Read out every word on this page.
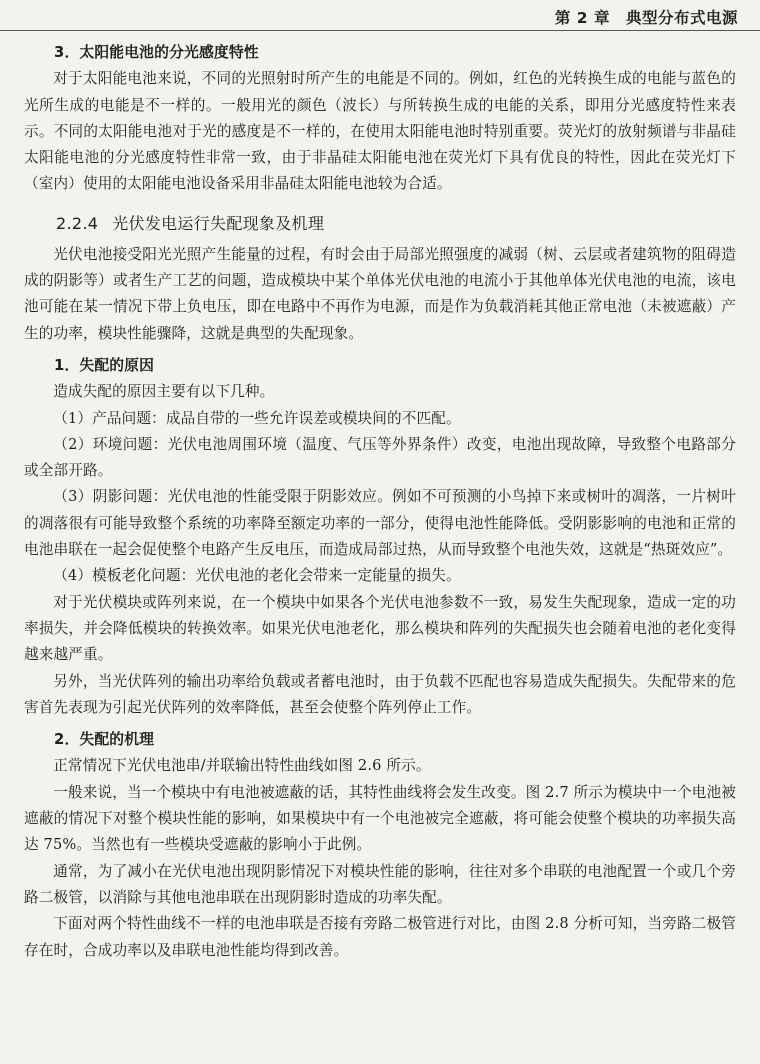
第 2 章　典型分布式电源
3．太阳能电池的分光感度特性

对于太阳能电池来说，不同的光照射时所产生的电能是不同的。例如，红色的光转换生成的电能与蓝色的光所生成的电能是不一样的。一般用光的颜色（波长）与所转换生成的电能的关系，即用分光感度特性来表示。不同的太阳能电池对于光的感度是不一样的，在使用太阳能电池时特别重要。荧光灯的放射频谱与非晶硅太阳能电池的分光感度特性非常一致，由于非晶硅太阳能电池在荧光灯下具有优良的特性，因此在荧光灯下（室内）使用的太阳能电池设备采用非晶硅太阳能电池较为合适。

2.2.4 光伏发电运行失配现象及机理

光伏电池接受阳光光照产生能量的过程，有时会由于局部光照强度的减弱（树、云层或者建筑物的阻碍造成的阴影等）或者生产工艺的问题，造成模块中某个单体光伏电池的电流小于其他单体光伏电池的电流，该电池可能在某一情况下带上负电压，即在电路中不再作为电源，而是作为负载消耗其他正常电池（未被遮蔽）产生的功率，模块性能骤降，这就是典型的失配现象。

1．失配的原因

造成失配的原因主要有以下几种。

（1）产品问题：成品自带的一些允许误差或模块间的不匹配。

（2）环境问题：光伏电池周围环境（温度、气压等外界条件）改变，电池出现故障，导致整个电路部分或全部开路。

（3）阴影问题：光伏电池的性能受限于阴影效应。例如不可预测的小鸟掉下来或树叶的凋落，一片树叶的凋落很有可能导致整个系统的功率降至额定功率的一部分，使得电池性能降低。受阴影影响的电池和正常的电池串联在一起会促使整个电路产生反电压，而造成局部过热，从而导致整个电池失效，这就是“热斑效应”。

（4）模板老化问题：光伏电池的老化会带来一定能量的损失。

对于光伏模块或阵列来说，在一个模块中如果各个光伏电池参数不一致，易发生失配现象，造成一定的功率损失，并会降低模块的转换效率。如果光伏电池老化，那么模块和阵列的失配损失也会随着电池的老化变得越来越严重。

另外，当光伏阵列的输出功率给负载或者蓄电池时，由于负载不匹配也容易造成失配损失。失配带来的危害首先表现为引起光伏阵列的效率降低，甚至会使整个阵列停止工作。

2．失配的机理

正常情况下光伏电池串/并联输出特性曲线如图 2.6 所示。

一般来说，当一个模块中有电池被遮蔽的话，其特性曲线将会发生改变。图 2.7 所示为模块中一个电池被遮蔽的情况下对整个模块性能的影响，如果模块中有一个电池被完全遮蔽，将可能会使整个模块的功率损失高达 75%。当然也有一些模块受遮蔽的影响小于此例。

通常，为了减小在光伏电池出现阴影情况下对模块性能的影响，往往对多个串联的电池配置一个或几个旁路二极管，以消除与其他电池串联在出现阴影时造成的功率失配。

下面对两个特性曲线不一样的电池串联是否接有旁路二极管进行对比，由图 2.8 分析可知，当旁路二极管存在时，合成功率以及串联电池性能均得到改善。
